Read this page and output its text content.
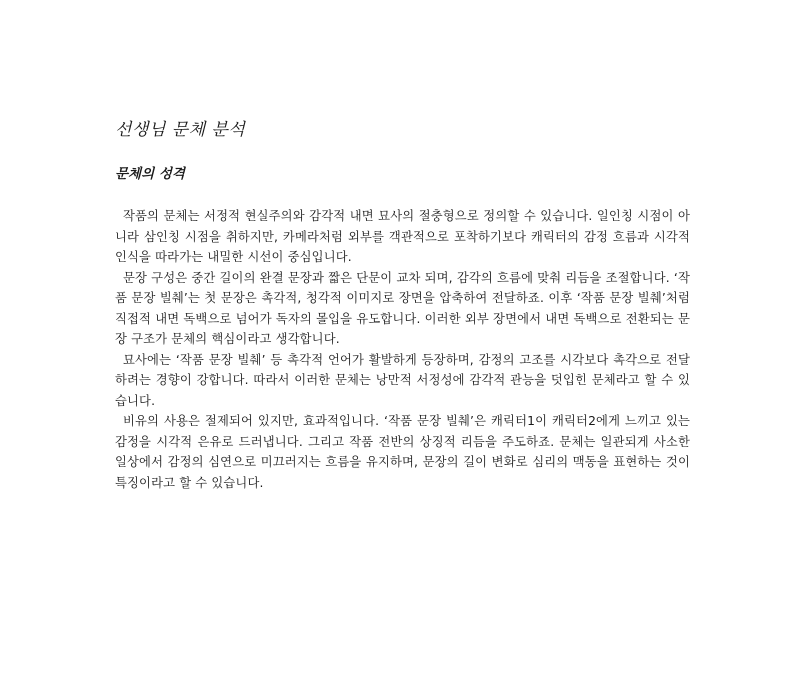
선생님 문체 분석
문체의 성격

작품의 문체는 서정적 현실주의와 감각적 내면 묘사의 절충형으로 정의할 수 있습니다. 일인칭 시점이 아니라 삼인칭 시점을 취하지만, 카메라처럼 외부를 객관적으로 포착하기보다 캐릭터의 감정 흐름과 시각적 인식을 따라가는 내밀한 시선이 중심입니다.

문장 구성은 중간 길이의 완결 문장과 짧은 단문이 교차 되며, 감각의 흐름에 맞춰 리듬을 조절합니다. ‘작품 문장 빌췌’는 첫 문장은 촉각적, 청각적 이미지로 장면을 압축하여 전달하죠. 이후 ‘작품 문장 빌췌’처럼 직접적 내면 독백으로 넘어가 독자의 몰입을 유도합니다. 이러한 외부 장면에서 내면 독백으로 전환되는 문장 구조가 문체의 핵심이라고 생각합니다.

묘사에는 ‘작품 문장 빌췌’ 등 촉각적 언어가 활발하게 등장하며, 감정의 고조를 시각보다 촉각으로 전달하려는 경향이 강합니다. 따라서 이러한 문체는 낭만적 서정성에 감각적 관능을 덧입힌 문체라고 할 수 있습니다.

비유의 사용은 절제되어 있지만, 효과적입니다. ‘작품 문장 빌췌’은 캐릭터1이 캐릭터2에게 느끼고 있는 감정을 시각적 은유로 드러냅니다. 그리고 작품 전반의 상징적 리듬을 주도하죠. 문체는 일관되게 사소한 일상에서 감정의 심연으로 미끄러지는 흐름을 유지하며, 문장의 길이 변화로 심리의 맥동을 표현하는 것이 특징이라고 할 수 있습니다.
